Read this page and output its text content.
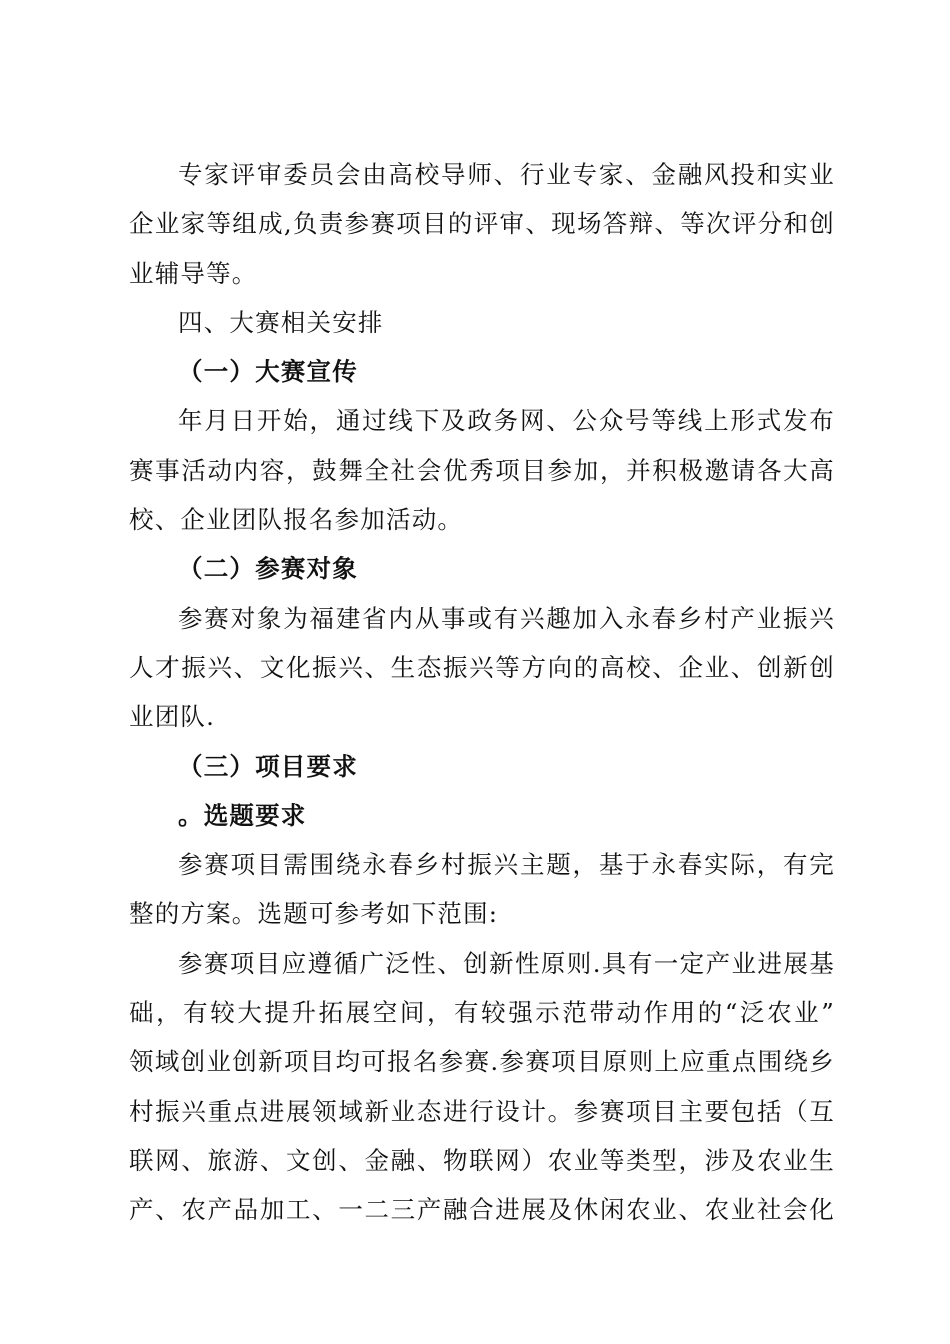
专家评审委员会由高校导师、行业专家、金融风投和实业
企业家等组成,负责参赛项目的评审、现场答辩、等次评分和创
业辅导等。
四、大赛相关安排
（一）大赛宣传
年月日开始，通过线下及政务网、公众号等线上形式发布
赛事活动内容，鼓舞全社会优秀项目参加，并积极邀请各大高
校、企业团队报名参加活动。
（二）参赛对象
参赛对象为福建省内从事或有兴趣加入永春乡村产业振兴
人才振兴、文化振兴、生态振兴等方向的高校、企业、创新创
业团队.
（三）项目要求
。选题要求
参赛项目需围绕永春乡村振兴主题，基于永春实际，有完
整的方案。选题可参考如下范围:
参赛项目应遵循广泛性、创新性原则.具有一定产业进展基
础，有较大提升拓展空间，有较强示范带动作用的“泛农业”
领域创业创新项目均可报名参赛.参赛项目原则上应重点围绕乡
村振兴重点进展领域新业态进行设计。参赛项目主要包括（互
联网、旅游、文创、金融、物联网）农业等类型，涉及农业生
产、农产品加工、一二三产融合进展及休闲农业、农业社会化
